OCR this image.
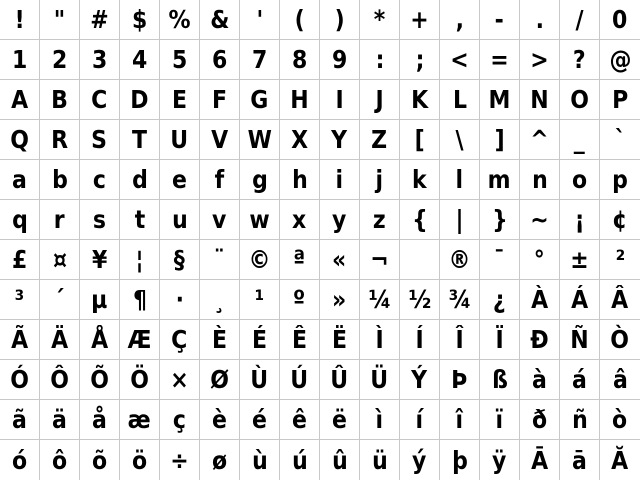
! " # $ % & ' ( ) * + , - . / 0
1 2 3 4 5 6 7 8 9 : ; < = > ? @
A B C D E F G H I J K L M N O P
Q R S T U V W X Y Z [ \ ] ^ _ `
a b c d e f g h i j k l m n o p
q r s t u v w x y z { | } ~ ¡ ¢
£ ¤ ¥ ¦ § ¨ © ª « ¬ ® ¯ ° ± ²
³ ´ µ ¶ · ¸ ¹ º » ¼ ½ ¾ ¿ À Á Â
Ã Ä Å Æ Ç È É Ê Ë Ì Í Î Ï Ð Ñ Ò
Ó Ô Õ Ö × Ø Ù Ú Û Ü Ý Þ ß à á â
ã ä å æ ç è é ê ë ì í î ï ð ñ ò
ó ô õ ö ÷ ø ù ú û ü ý þ ÿ Ā ā Ă
